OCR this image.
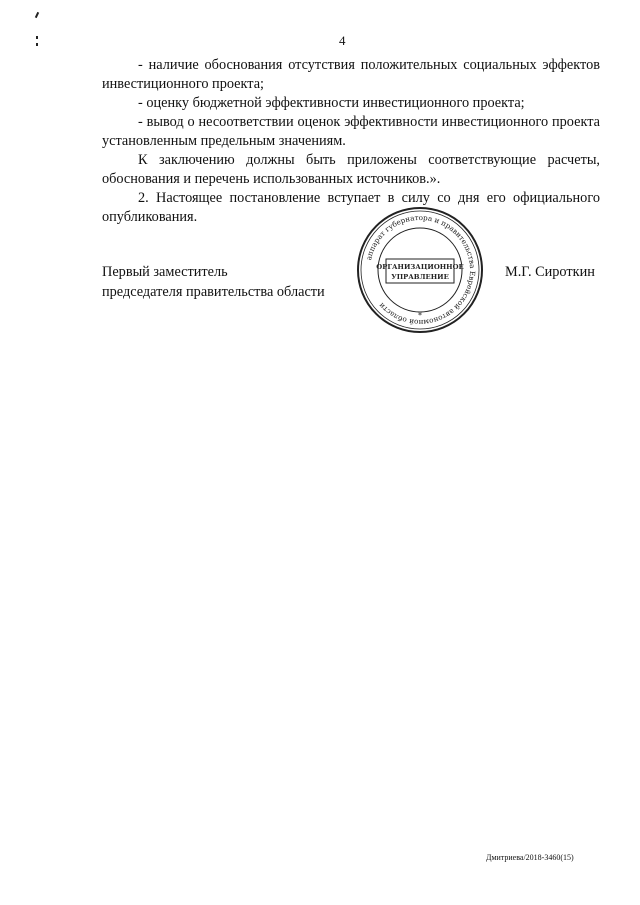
4

- наличие обоснования отсутствия положительных социальных эффектов инвестиционного проекта;

- оценку бюджетной эффективности инвестиционного проекта;

- вывод о несоответствии оценок эффективности инвестиционного проекта установленным предельным значениям.

К заключению должны быть приложены соответствующие расчеты, обоснования и перечень использованных источников.».

2. Настоящее постановление вступает в силу со дня его официального опубликования.

Первый заместитель
председателя правительства области
аппарат губернатора и правительства Еврейской автономной области
ОРГАНИЗАЦИОННОЕ
УПРАВЛЕНИЕ
*
М.Г. Сироткин
Дмитриева/2018-3460(15)
